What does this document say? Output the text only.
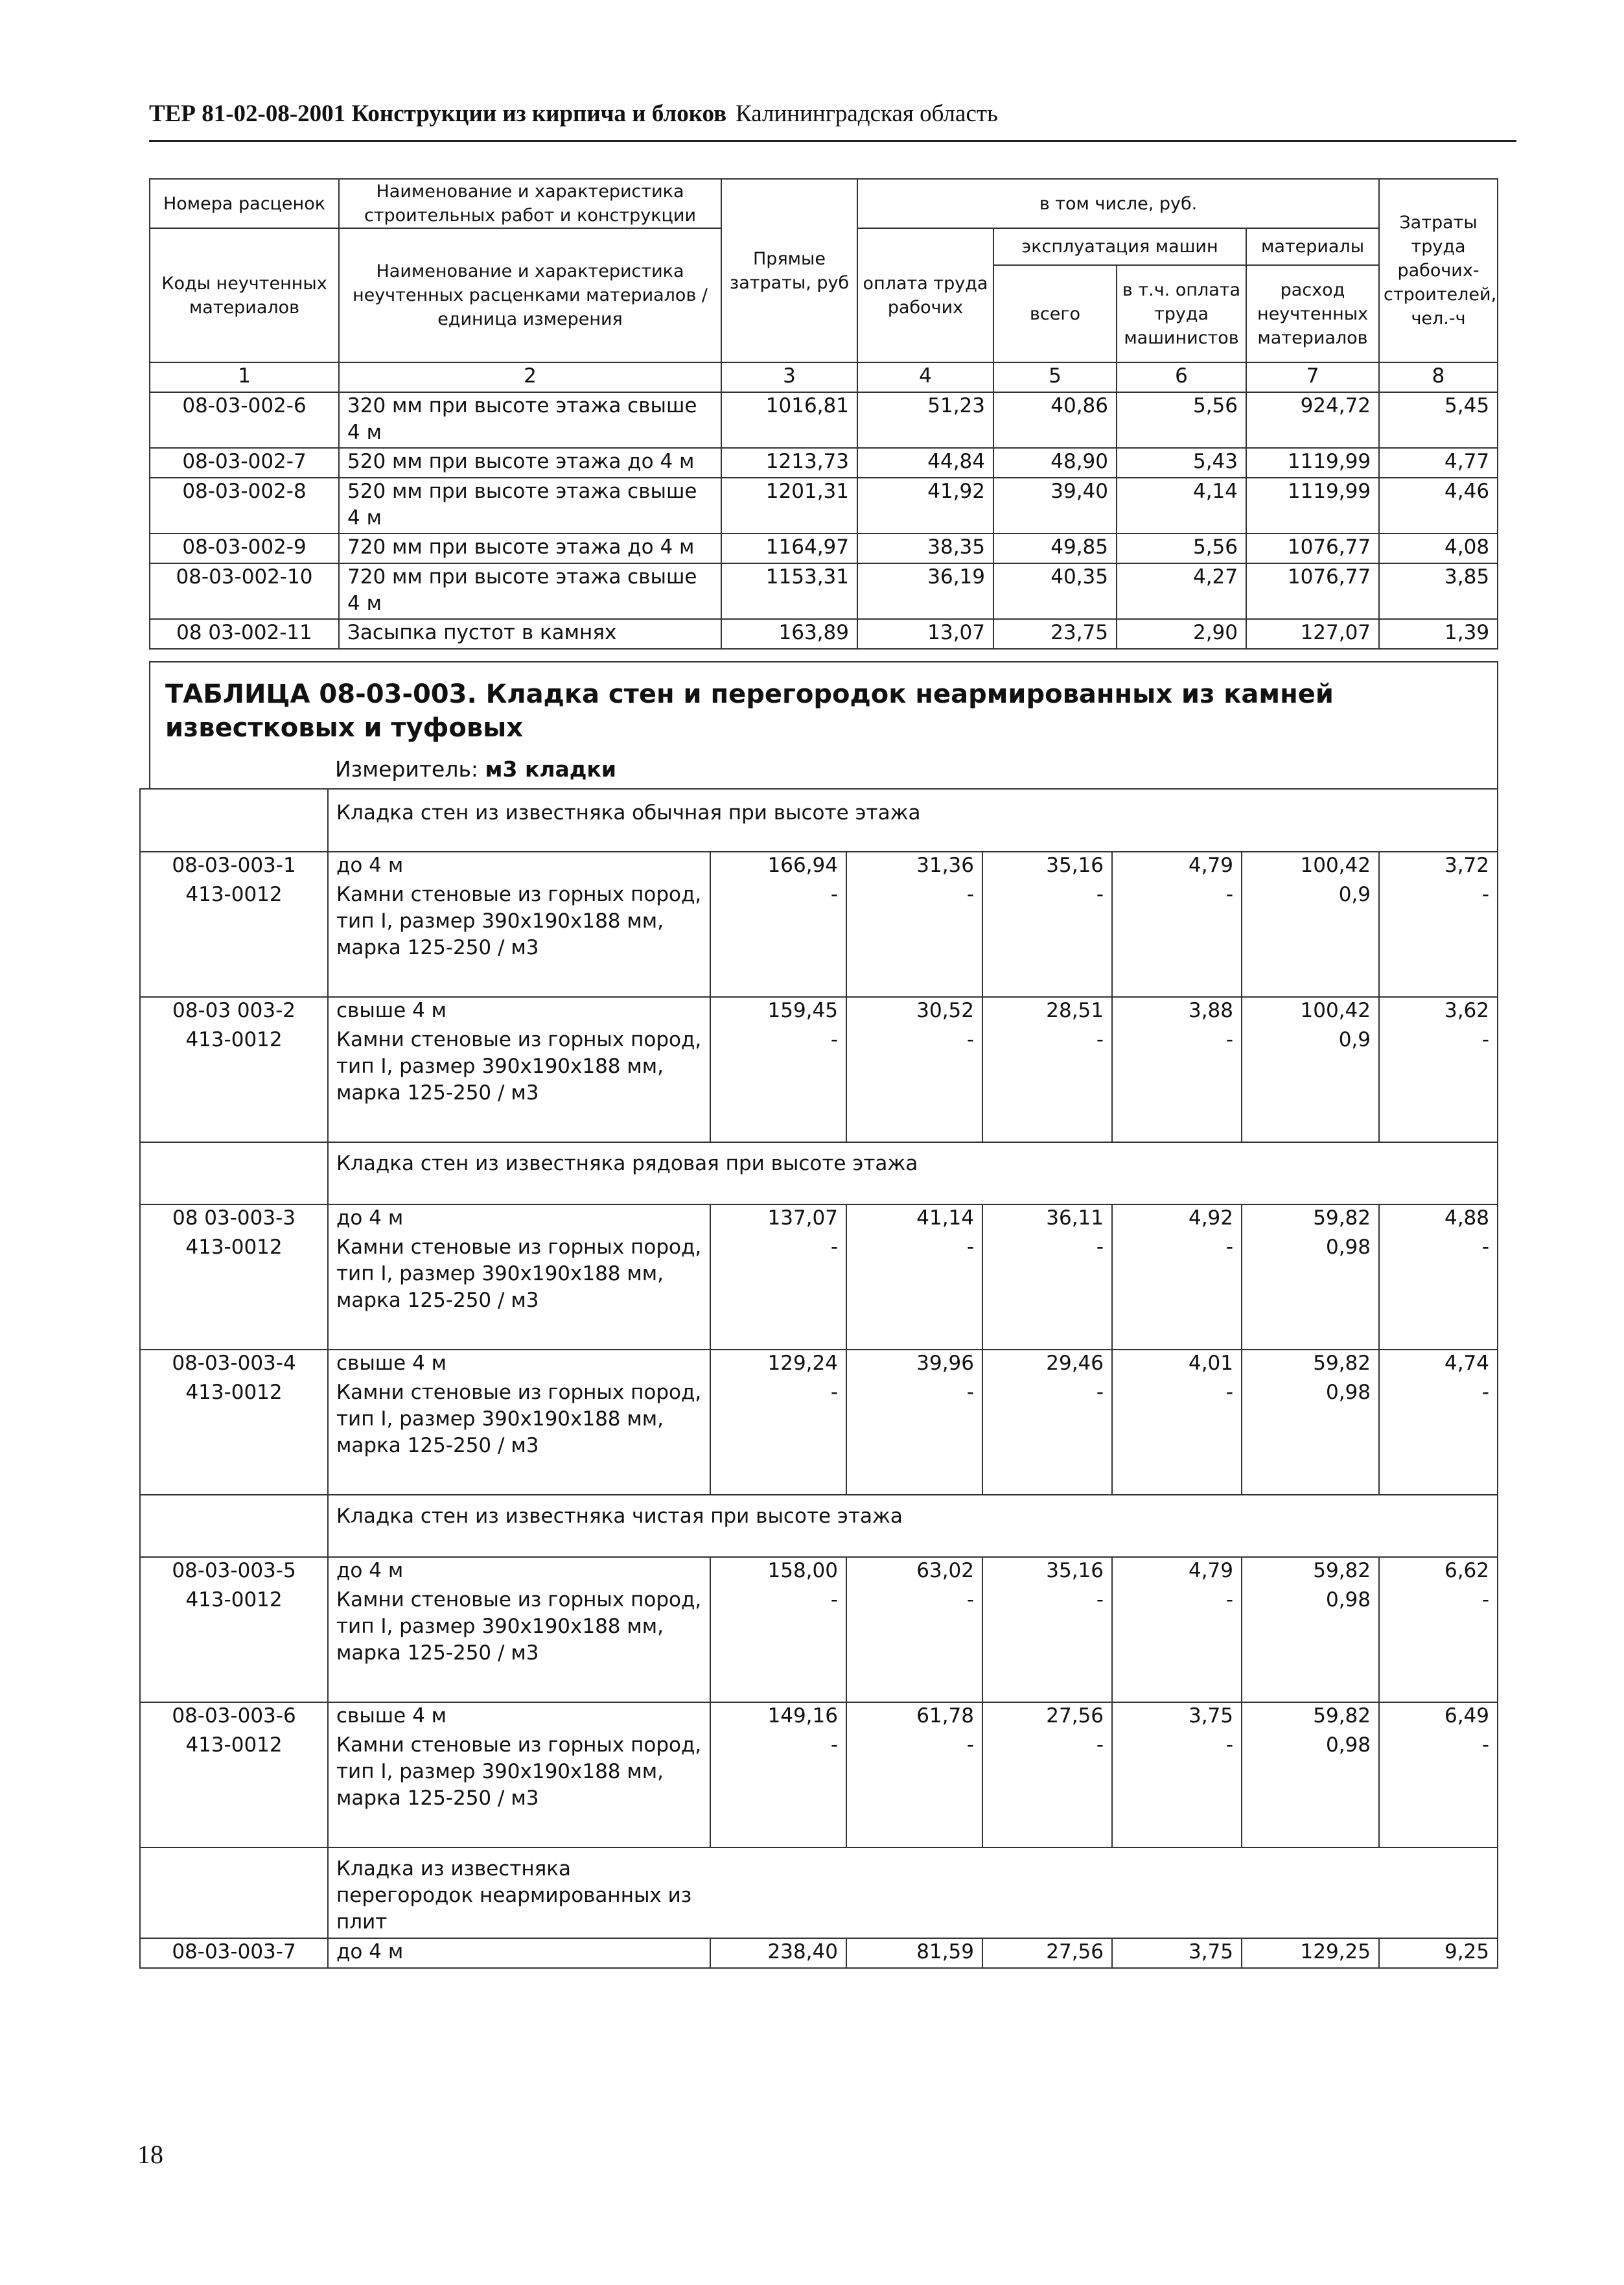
ТЕР 81-02-08-2001 Конструкции из кирпича и блоков Калининградская область
Номера расценок	Наименование и характеристика строительных работ и конструкции	Прямые затраты, руб	в том числе, руб.				Затраты труда рабочих-строителей, чел.-ч
Коды неучтенных материалов	Наименование и характеристика неучтенных расценками материалов / единица измерения		оплата труда рабочих	эксплуатация машин		материалы	
				всего	в т.ч. оплата труда машинистов	расход неучтенных материалов	
1	2	3	4	5	6	7	8
08-03-002-6	320 мм при высоте этажа свыше 4 м	1016,81	51,23	40,86	5,56	924,72	5,45
08-03-002-7	520 мм при высоте этажа до 4 м	1213,73	44,84	48,90	5,43	1119,99	4,77
08-03-002-8	520 мм при высоте этажа свыше 4 м	1201,31	41,92	39,40	4,14	1119,99	4,46
08-03-002-9	720 мм при высоте этажа до 4 м	1164,97	38,35	49,85	5,56	1076,77	4,08
08-03-002-10	720 мм при высоте этажа свыше 4 м	1153,31	36,19	40,35	4,27	1076,77	3,85
08 03-002-11	Засыпка пустот в камнях	163,89	13,07	23,75	2,90	127,07	1,39
ТАБЛИЦА 08-03-003. Кладка стен и перегородок неармированных из камней известковых и туфовых
Измеритель: м3 кладки
	Кладка стен из известняка обычная при высоте этажа						
08-03-003-1	до 4 м	166,94	31,36	35,16	4,79	100,42	3,72
413-0012	Камни стеновые из горных пород, тип I, размер 390х190х188 мм, марка 125-250 / м3	-	-	-	-	0,9	-
08-03 003-2	свыше 4 м	159,45	30,52	28,51	3,88	100,42	3,62
413-0012	Камни стеновые из горных пород, тип I, размер 390х190х188 мм, марка 125-250 / м3	-	-	-	-	0,9	-
	Кладка стен из известняка рядовая при высоте этажа						
08 03-003-3	до 4 м	137,07	41,14	36,11	4,92	59,82	4,88
413-0012	Камни стеновые из горных пород, тип I, размер 390х190х188 мм, марка 125-250 / м3	-	-	-	-	0,98	-
08-03-003-4	свыше 4 м	129,24	39,96	29,46	4,01	59,82	4,74
413-0012	Камни стеновые из горных пород, тип I, размер 390х190х188 мм, марка 125-250 / м3	-	-	-	-	0,98	-
	Кладка стен из известняка чистая при высоте этажа						
08-03-003-5	до 4 м	158,00	63,02	35,16	4,79	59,82	6,62
413-0012	Камни стеновые из горных пород, тип I, размер 390х190х188 мм, марка 125-250 / м3	-	-	-	-	0,98	-
08-03-003-6	свыше 4 м	149,16	61,78	27,56	3,75	59,82	6,49
413-0012	Камни стеновые из горных пород, тип I, размер 390х190х188 мм, марка 125-250 / м3	-	-	-	-	0,98	-

	Кладка из известняка перегородок неармированных из плит						

08-03-003-7	до 4 м	238,40	81,59	27,56	3,75	129,25	9,25
18
